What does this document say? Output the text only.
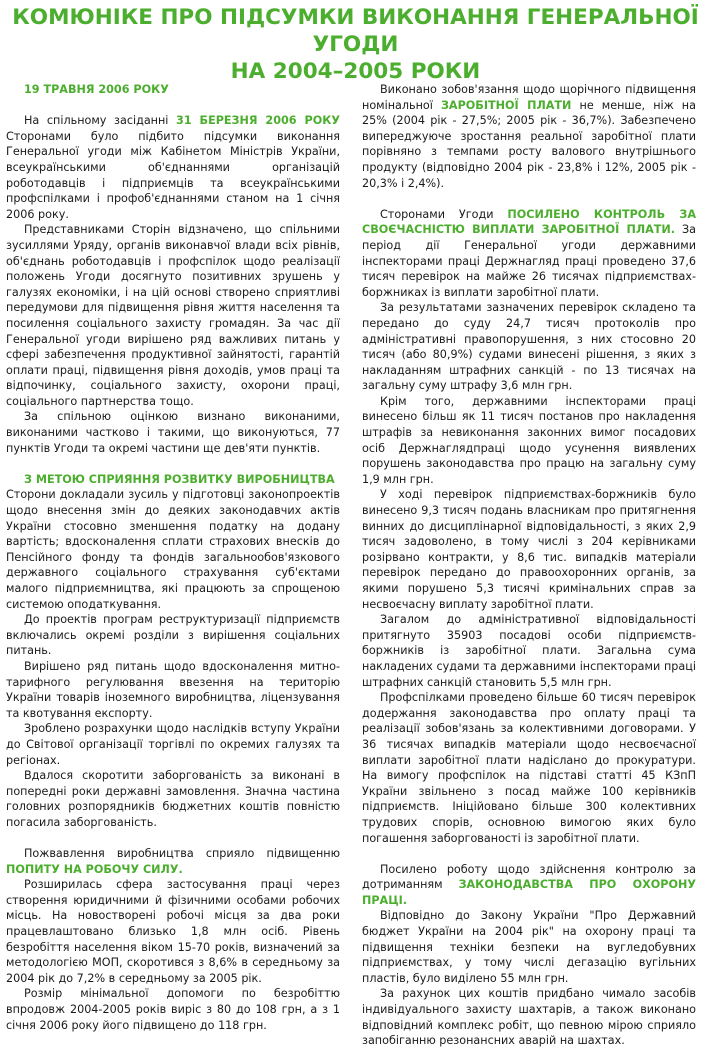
КОМЮНІКЕ ПРО ПІДСУМКИ ВИКОНАННЯ ГЕНЕРАЛЬНОЇ УГОДИ
НА 2004–2005 РОКИ

19 ТРАВНЯ 2006 РОКУ

На спільному засіданні 31 БЕРЕЗНЯ 2006 РОКУ Сторонами було підбито підсумки виконання Генеральної угоди між Кабінетом Міністрів України, всеукраїнськими об'єднаннями організацій роботодавців і підприємців та всеукраїнськими профспілками і профоб'єднаннями станом на 1 січня 2006 року.

Представниками Сторін відзначено, що спільними зусиллями Уряду, органів виконавчої влади всіх рівнів, об'єднань роботодавців і профспілок щодо реалізації положень Угоди досягнуто позитивних зрушень у галузях економіки, і на цій основі створено сприятливі передумови для підвищення рівня життя населення та посилення соціального захисту громадян. За час дії Генеральної угоди вирішено ряд важливих питань у сфері забезпечення продуктивної зайнятості, гарантій оплати праці, підвищення рівня доходів, умов праці та відпочинку, соціального захисту, охорони праці, соціального партнерства тощо.

За спільною оцінкою визнано виконаними, виконаними частково і такими, що виконуються, 77 пунктів Угоди та окремі частини ще дев'яти пунктів.

З МЕТОЮ СПРИЯННЯ РОЗВИТКУ ВИРОБНИЦТВА

Сторони докладали зусиль у підготовці законопроектів щодо внесення змін до деяких законодавчих актів України стосовно зменшення податку на додану вартість; вдосконалення сплати страхових внесків до Пенсійного фонду та фондів загальнообов'язкового державного соціального страхування суб'єктами малого підприємництва, які працюють за спрощеною системою оподаткування.

До проектів програм реструктуризації підприємств включались окремі розділи з вирішення соціальних питань.

Вирішено ряд питань щодо вдосконалення митно-тарифного регулювання ввезення на територію України товарів іноземного виробництва, ліцензування та квотування експорту.

Зроблено розрахунки щодо наслідків вступу України до Світової організації торгівлі по окремих галузях та регіонах.

Вдалося скоротити заборгованість за виконані в попередні роки державні замовлення. Значна частина головних розпорядників бюджетних коштів повністю погасила заборгованість.

Пожвавлення виробництва сприяло підвищенню ПОПИТУ НА РОБОЧУ СИЛУ.

Розширилась сфера застосування праці через створення юридичними й фізичними особами робочих місць. На новостворені робочі місця за два роки працевлаштовано близько 1,8 млн осіб. Рівень безробіття населення віком 15-70 років, визначений за методологією МОП, скоротився з 8,6% в середньому за 2004 рік до 7,2% в середньому за 2005 рік.

Розмір мінімальної допомоги по безробіттю впродовж 2004-2005 років виріс з 80 до 108 грн, а з 1 січня 2006 року його підвищено до 118 грн.

Виконано зобов'язання щодо щорічного підвищення номінальної ЗАРОБІТНОЇ ПЛАТИ не менше, ніж на 25% (2004 рік - 27,5%; 2005 рік - 36,7%). Забезпечено випереджуюче зростання реальної заробітної плати порівняно з темпами росту валового внутрішнього продукту (відповідно 2004 рік - 23,8% і 12%, 2005 рік - 20,3% і 2,4%).

Сторонами Угоди ПОСИЛЕНО КОНТРОЛЬ ЗА СВОЄЧАСНІСТЮ ВИПЛАТИ ЗАРОБІТНОЇ ПЛАТИ. За період дії Генеральної угоди державними інспекторами праці Держнагляд праці проведено 37,6 тисяч перевірок на майже 26 тисячах підприємствах-боржниках із виплати заробітної плати.

За результатами зазначених перевірок складено та передано до суду 24,7 тисяч протоколів про адміністративні правопорушення, з них стосовно 20 тисяч (або 80,9%) судами винесені рішення, з яких з накладанням штрафних санкцій - по 13 тисячах на загальну суму штрафу 3,6 млн грн.

Крім того, державними інспекторами праці винесено більш як 11 тисяч постанов про накладення штрафів за невиконання законних вимог посадових осіб Держнаглядпраці щодо усунення виявлених порушень законодавства про працю на загальну суму 1,9 млн грн.

У ході перевірок підприємствах-боржників було винесено 9,3 тисяч подань власникам про притягнення винних до дисциплінарної відповідальності, з яких 2,9 тисяч задоволено, в тому числі з 204 керівниками розірвано контракти, у 8,6 тис. випадків матеріали перевірок передано до правоохоронних органів, за якими порушено 5,3 тисячі кримінальних справ за несвоєчасну виплату заробітної плати.

Загалом до адміністративної відповідальності притягнуто 35903 посадові особи підприємств-боржників із заробітної плати. Загальна сума накладених судами та державними інспекторами праці штрафних санкцій становить 5,5 млн грн.

Профспілками проведено більше 60 тисяч перевірок додержання законодавства про оплату праці та реалізації зобов'язань за колективними договорами. У 36 тисячах випадків матеріали щодо несвоєчасної виплати заробітної плати надіслано до прокуратури. На вимогу профспілок на підставі статті 45 КЗпП України звільнено з посад майже 100 керівників підприємств. Ініційовано більше 300 колективних трудових спорів, основною вимогою яких було погашення заборгованості із заробітної плати.

Посилено роботу щодо здійснення контролю за дотриманням ЗАКОНОДАВСТВА ПРО ОХОРОНУ ПРАЦІ.

Відповідно до Закону України "Про Державний бюджет України на 2004 рік" на охорону праці та підвищення техніки безпеки на вугледобувних підприємствах, у тому числі дегазацію вугільних пластів, було виділено 55 млн грн.

За рахунок цих коштів придбано чимало засобів індивідуального захисту шахтарів, а також виконано відповідний комплекс робіт, що певною мірою сприяло запобіганню резонансних аварій на шахтах.
